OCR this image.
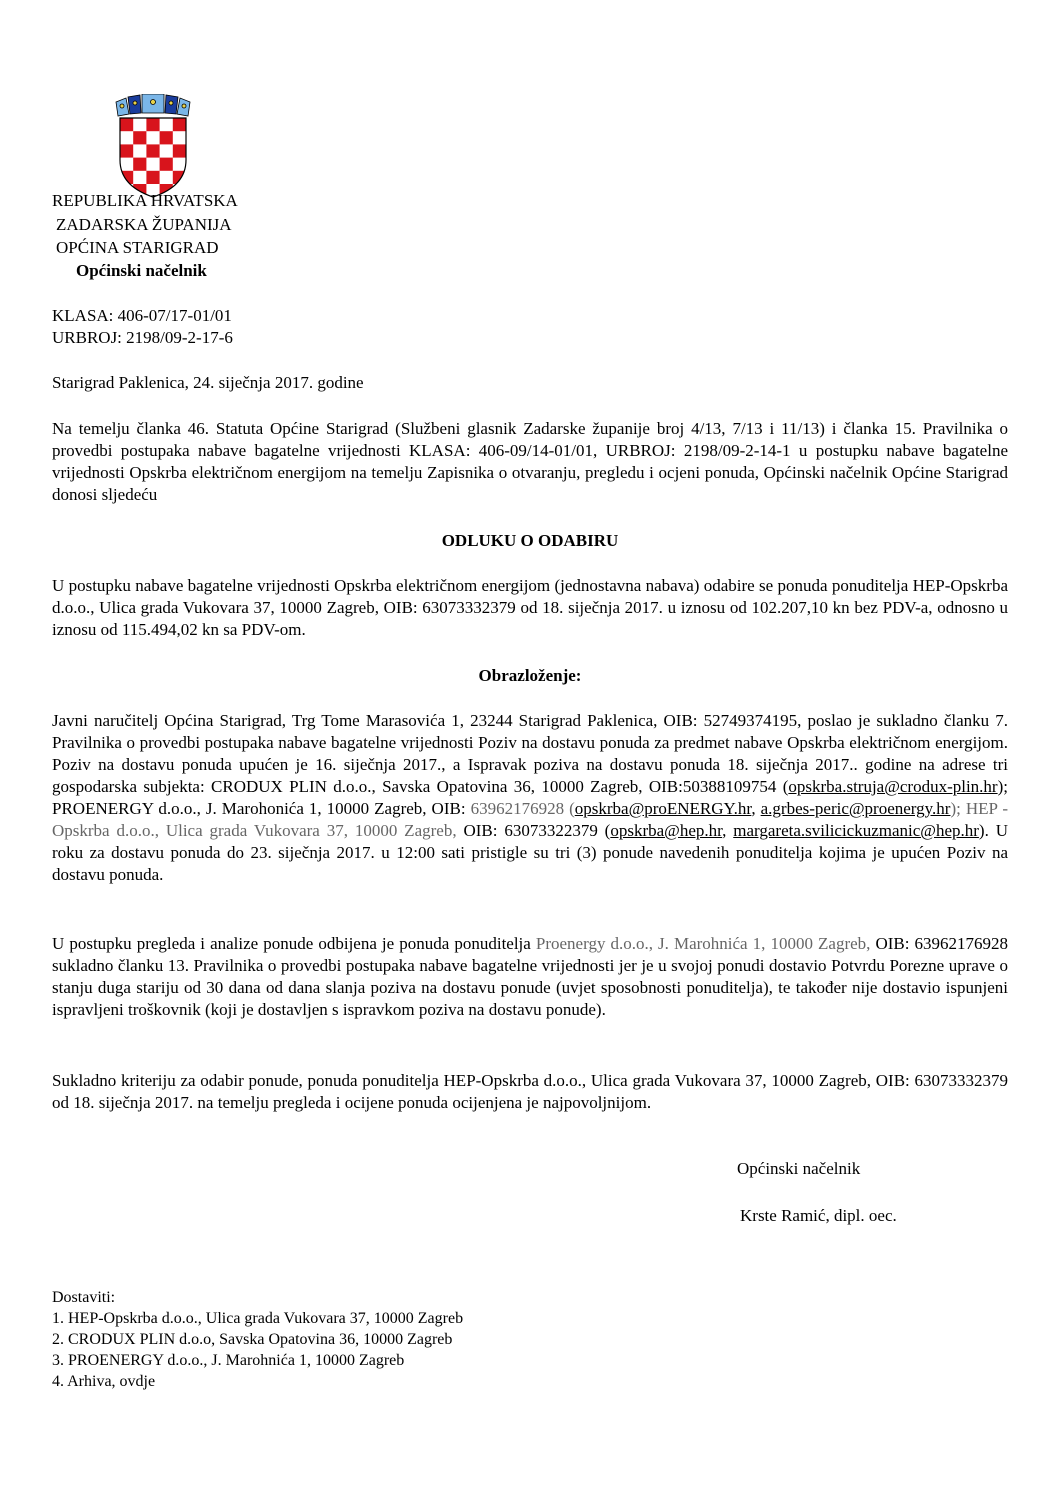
REPUBLIKA HRVATSKA
ZADARSKA ŽUPANIJA
OPĆINA STARIGRAD
Općinski načelnik
KLASA: 406-07/17-01/01
URBROJ: 2198/09-2-17-6
Starigrad Paklenica, 24. siječnja 2017. godine
Na temelju članka 46. Statuta Općine Starigrad (Službeni glasnik Zadarske županije broj 4/13, 7/13 i 11/13) i članka 15. Pravilnika o provedbi postupaka nabave bagatelne vrijednosti KLASA: 406-09/14-01/01, URBROJ: 2198/09-2-14-1 u postupku nabave bagatelne vrijednosti Opskrba električnom energijom na temelju Zapisnika o otvaranju, pregledu i ocjeni ponuda, Općinski načelnik Općine Starigrad donosi sljedeću
ODLUKU O ODABIRU
U postupku nabave bagatelne vrijednosti Opskrba električnom energijom (jednostavna nabava) odabire se ponuda ponuditelja HEP-Opskrba d.o.o., Ulica grada Vukovara 37, 10000 Zagreb, OIB: 63073332379 od 18. siječnja 2017. u iznosu od 102.207,10 kn bez PDV-a, odnosno u iznosu od 115.494,02 kn sa PDV-om.
Obrazloženje:
Javni naručitelj Općina Starigrad, Trg Tome Marasovića 1, 23244 Starigrad Paklenica, OIB: 52749374195, poslao je sukladno članku 7. Pravilnika o provedbi postupaka nabave bagatelne vrijednosti Poziv na dostavu ponuda za predmet nabave Opskrba električnom energijom. Poziv na dostavu ponuda upućen je 16. siječnja 2017., a Ispravak poziva na dostavu ponuda 18. siječnja 2017.. godine na adrese tri gospodarska subjekta: CRODUX PLIN d.o.o., Savska Opatovina 36, 10000 Zagreb, OIB:50388109754 (opskrba.struja@crodux-plin.hr); PROENERGY d.o.o., J. Marohonića 1, 10000 Zagreb, OIB: 63962176928 (opskrba@proENERGY.hr, a.grbes-peric@proenergy.hr); HEP - Opskrba d.o.o., Ulica grada Vukovara 37, 10000 Zagreb, OIB: 63073322379 (opskrba@hep.hr, margareta.svilicickuzmanic@hep.hr). U roku za dostavu ponuda do 23. siječnja 2017. u 12:00 sati pristigle su tri (3) ponude navedenih ponuditelja kojima je upućen Poziv na dostavu ponuda.
U postupku pregleda i analize ponude odbijena je ponuda ponuditelja Proenergy d.o.o., J. Marohnića 1, 10000 Zagreb, OIB: 63962176928 sukladno članku 13. Pravilnika o provedbi postupaka nabave bagatelne vrijednosti jer je u svojoj ponudi dostavio Potvrdu Porezne uprave o stanju duga stariju od 30 dana od dana slanja poziva na dostavu ponude (uvjet sposobnosti ponuditelja), te također nije dostavio ispunjeni ispravljeni troškovnik (koji je dostavljen s ispravkom poziva na dostavu ponude).
Sukladno kriteriju za odabir ponude, ponuda ponuditelja HEP-Opskrba d.o.o., Ulica grada Vukovara 37, 10000 Zagreb, OIB: 63073332379 od 18. siječnja 2017. na temelju pregleda i ocijene ponuda ocijenjena je najpovoljnijom.
Općinski načelnik
Krste Ramić, dipl. oec.
Dostaviti:
1. HEP-Opskrba d.o.o., Ulica grada Vukovara 37, 10000 Zagreb
2. CRODUX PLIN d.o.o, Savska Opatovina 36, 10000 Zagreb
3. PROENERGY d.o.o., J. Marohnića 1, 10000 Zagreb
4. Arhiva, ovdje
